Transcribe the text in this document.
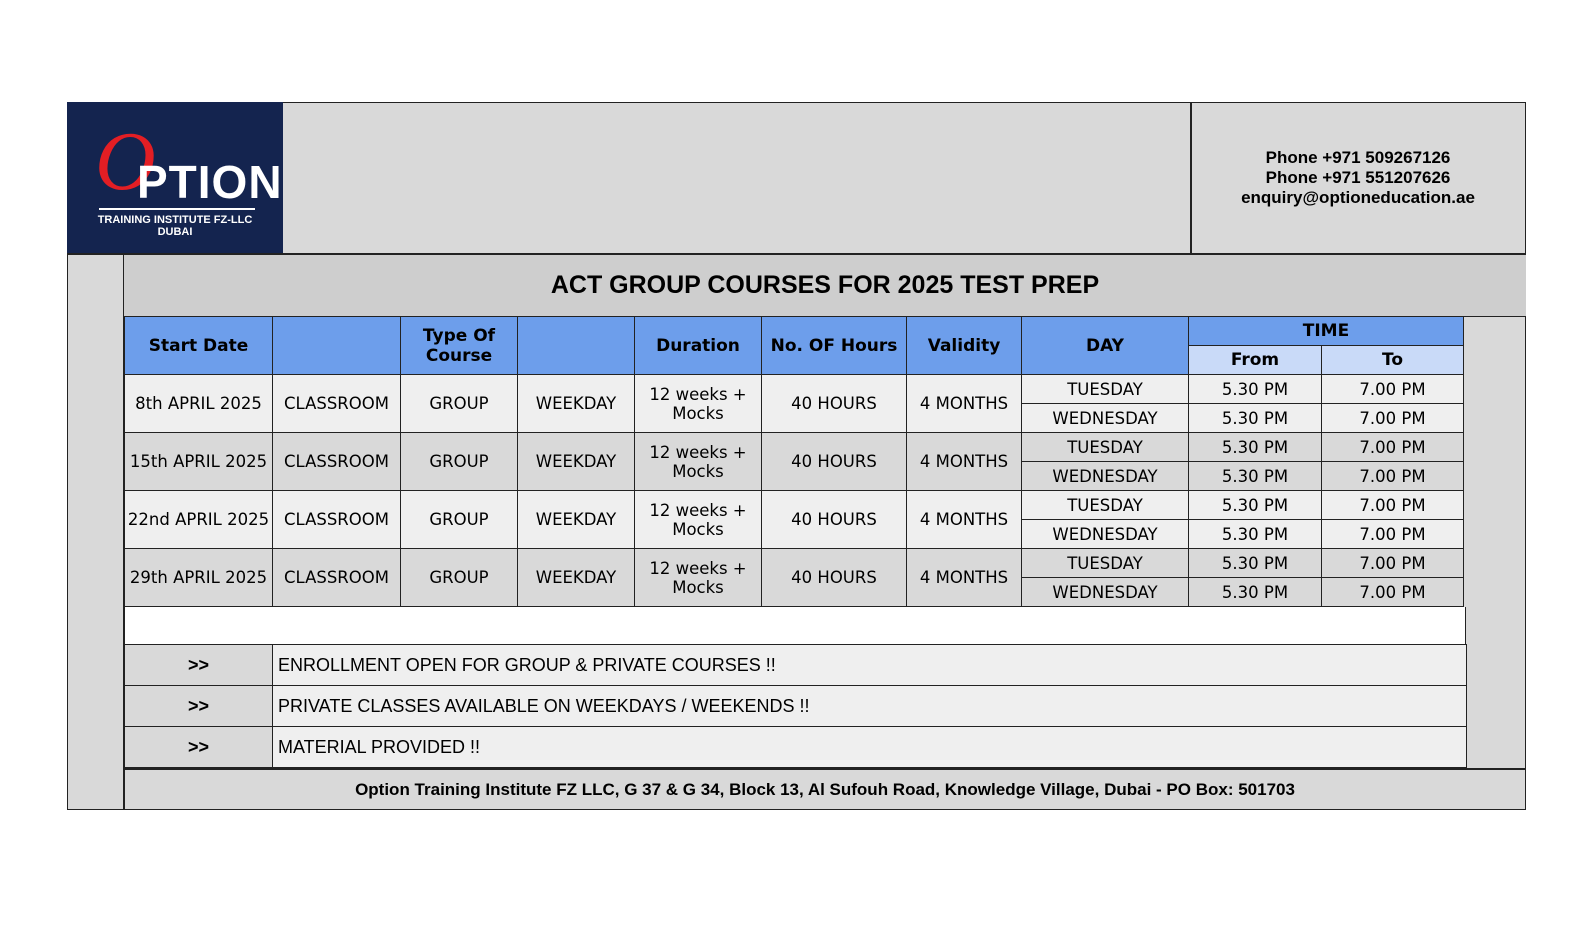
O
PTION
TRAINING INSTITUTE FZ-LLC
DUBAI
Phone +971 509267126
Phone +971 551207626
enquiry@optioneducation.ae
ACT GROUP COURSES FOR 2025 TEST PREP
Start Date		Type Of Course		Duration	No. OF Hours	Validity	DAY	TIME	
								From	To
8th APRIL 2025	CLASSROOM	GROUP	WEEKDAY	12 weeks + Mocks	40 HOURS	4 MONTHS	TUESDAY	5.30 PM	7.00 PM
							WEDNESDAY	5.30 PM	7.00 PM
15th APRIL 2025	CLASSROOM	GROUP	WEEKDAY	12 weeks + Mocks	40 HOURS	4 MONTHS	TUESDAY	5.30 PM	7.00 PM
							WEDNESDAY	5.30 PM	7.00 PM
22nd APRIL 2025	CLASSROOM	GROUP	WEEKDAY	12 weeks + Mocks	40 HOURS	4 MONTHS	TUESDAY	5.30 PM	7.00 PM
							WEDNESDAY	5.30 PM	7.00 PM
29th APRIL 2025	CLASSROOM	GROUP	WEEKDAY	12 weeks + Mocks	40 HOURS	4 MONTHS	TUESDAY	5.30 PM	7.00 PM
							WEDNESDAY	5.30 PM	7.00 PM
>>	ENROLLMENT OPEN FOR GROUP & PRIVATE COURSES !!
>>	PRIVATE CLASSES AVAILABLE ON WEEKDAYS / WEEKENDS !!
>>	MATERIAL PROVIDED !!
Option Training Institute FZ LLC, G 37 & G 34, Block 13, Al Sufouh Road, Knowledge Village, Dubai - PO Box: 501703
